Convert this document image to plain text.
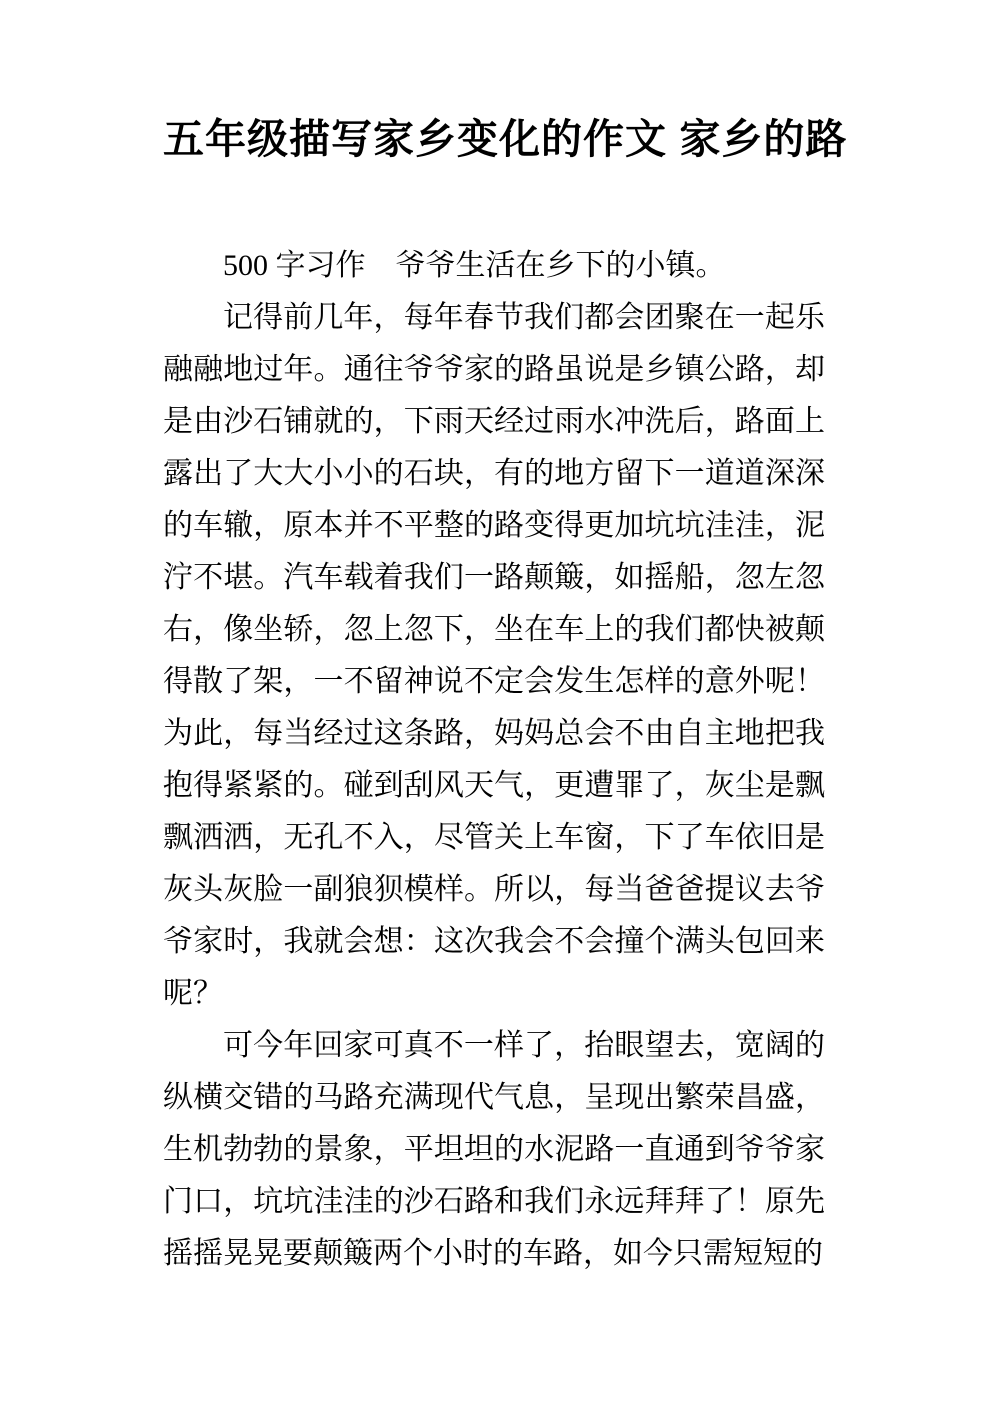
五年级描写家乡变化的作文 家乡的路

500 字习作　爷爷生活在乡下的小镇。

记得前几年，每年春节我们都会团聚在一起乐融融地过年。通往爷爷家的路虽说是乡镇公路，却是由沙石铺就的，下雨天经过雨水冲洗后，路面上露出了大大小小的石块，有的地方留下一道道深深的车辙，原本并不平整的路变得更加坑坑洼洼，泥泞不堪。汽车载着我们一路颠簸，如摇船，忽左忽右，像坐轿，忽上忽下，坐在车上的我们都快被颠得散了架，一不留神说不定会发生怎样的意外呢！为此，每当经过这条路，妈妈总会不由自主地把我抱得紧紧的。碰到刮风天气，更遭罪了，灰尘是飘飘洒洒，无孔不入，尽管关上车窗，下了车依旧是灰头灰脸一副狼狈模样。所以，每当爸爸提议去爷爷家时，我就会想：这次我会不会撞个满头包回来呢？

可今年回家可真不一样了，抬眼望去，宽阔的纵横交错的马路充满现代气息，呈现出繁荣昌盛，生机勃勃的景象，平坦坦的水泥路一直通到爷爷家门口，坑坑洼洼的沙石路和我们永远拜拜了！原先摇摇晃晃要颠簸两个小时的车路，如今只需短短的
